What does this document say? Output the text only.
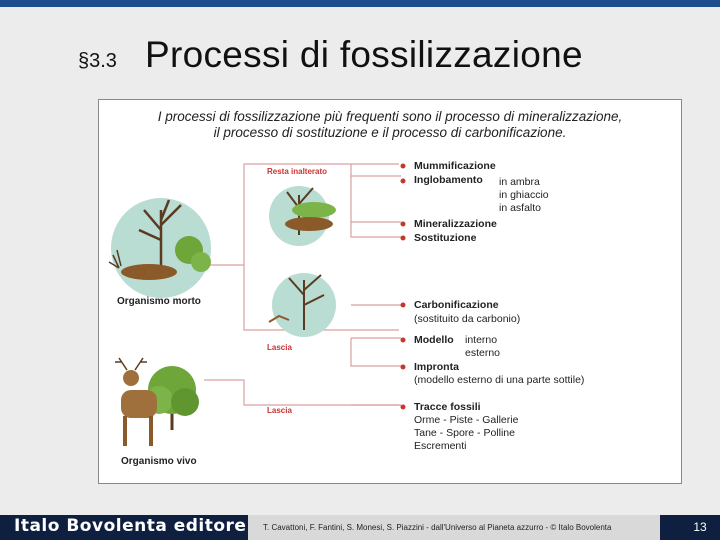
§3.3 Processi di fossilizzazione
I processi di fossilizzazione più frequenti sono il processo di mineralizzazione,
il processo di sostituzione e il processo di carbonificazione.
Resta inalterato
Lascia
Lascia
Organismo morto
Organismo vivo
Mummificazione
Inglobamento in ambra
in ghiaccio
in asfalto
Mineralizzazione
Sostituzione
Carbonificazione
(sostituito da carbonio)
Modello interno
esterno
Impronta
(modello esterno di una parte sottile)
Tracce fossili
Orme - Piste - Gallerie
Tane - Spore - Polline
Escrementi
Italo Bovolenta editore	T. Cavattoni, F. Fantini, S. Monesi, S. Piazzini - dall'Universo al Pianeta azzurro - © Italo Bovolenta	13
